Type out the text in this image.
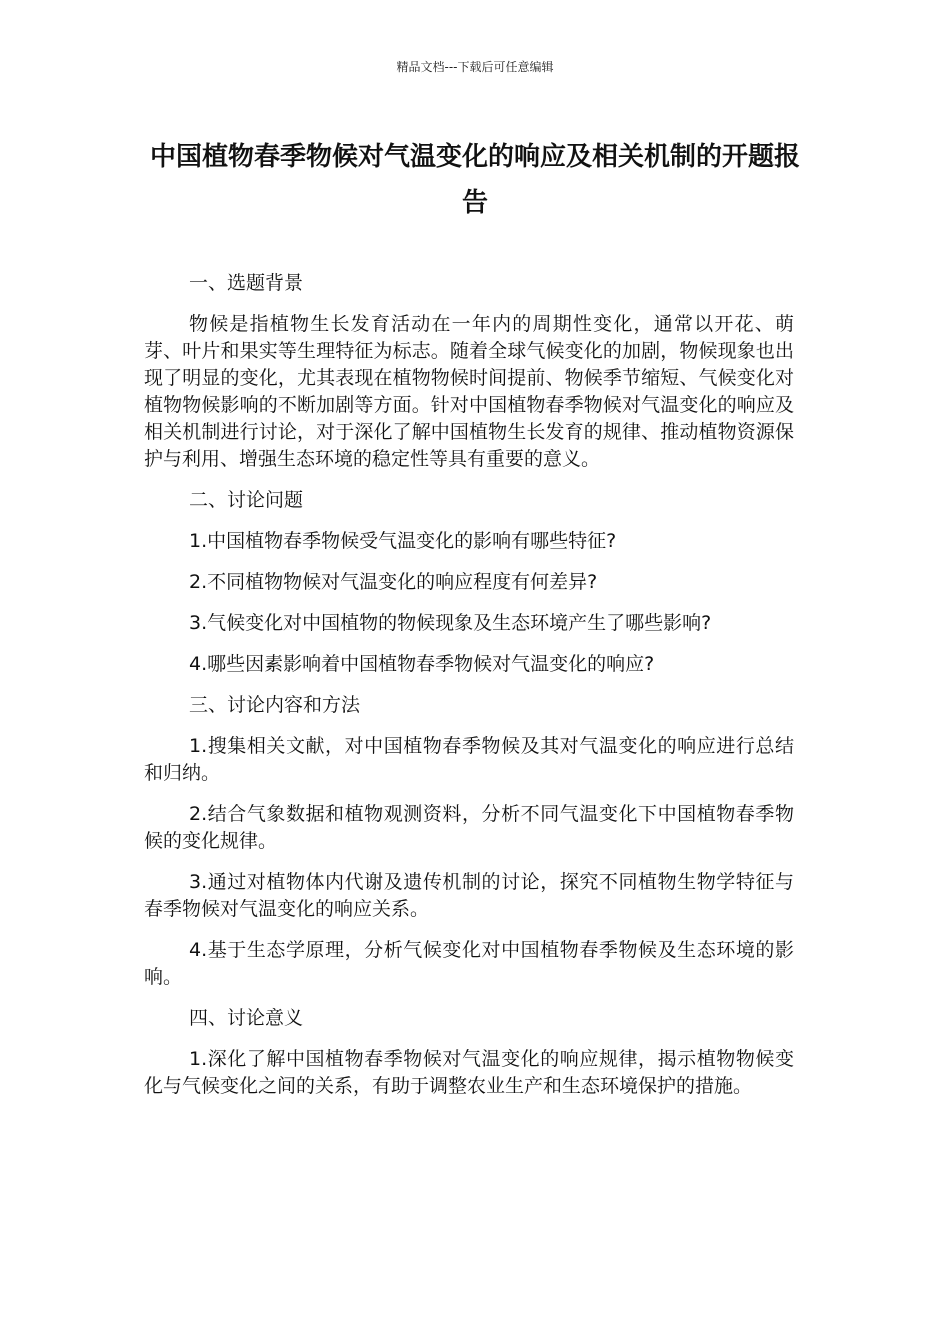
精品文档---下载后可任意编辑
中国植物春季物候对气温变化的响应及相关机制的开题报告

一、选题背景

物候是指植物生长发育活动在一年内的周期性变化，通常以开花、萌芽、叶片和果实等生理特征为标志。随着全球气候变化的加剧，物候现象也出现了明显的变化，尤其表现在植物物候时间提前、物候季节缩短、气候变化对植物物候影响的不断加剧等方面。针对中国植物春季物候对气温变化的响应及相关机制进行讨论，对于深化了解中国植物生长发育的规律、推动植物资源保护与利用、增强生态环境的稳定性等具有重要的意义。

二、讨论问题

1.中国植物春季物候受气温变化的影响有哪些特征?

2.不同植物物候对气温变化的响应程度有何差异?

3.气候变化对中国植物的物候现象及生态环境产生了哪些影响?

4.哪些因素影响着中国植物春季物候对气温变化的响应?

三、讨论内容和方法

1.搜集相关文献，对中国植物春季物候及其对气温变化的响应进行总结和归纳。

2.结合气象数据和植物观测资料，分析不同气温变化下中国植物春季物候的变化规律。

3.通过对植物体内代谢及遗传机制的讨论，探究不同植物生物学特征与春季物候对气温变化的响应关系。

4.基于生态学原理，分析气候变化对中国植物春季物候及生态环境的影响。

四、讨论意义

1.深化了解中国植物春季物候对气温变化的响应规律，揭示植物物候变化与气候变化之间的关系，有助于调整农业生产和生态环境保护的措施。
